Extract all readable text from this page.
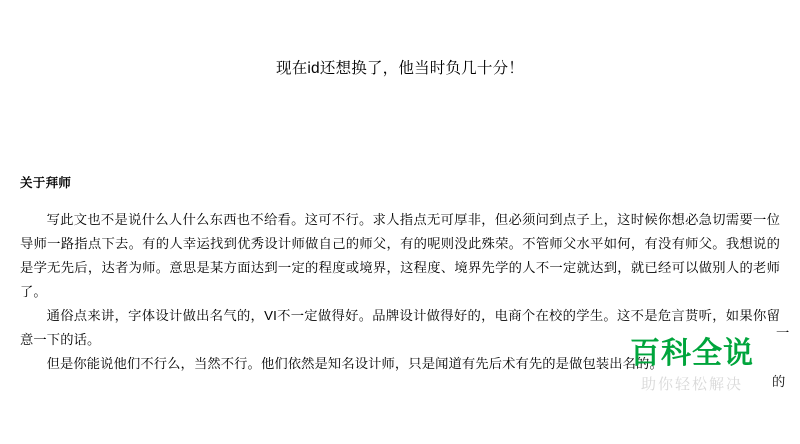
现在id还想换了，他当时负几十分！
关于拜师

写此文也不是说什么人什么东西也不给看。这可不行。求人指点无可厚非，但必须问到点子上，这时候你想必急切需要一位导师一路指点下去。有的人幸运找到优秀设计师做自己的师父，有的呢则没此殊荣。不管师父水平如何，有没有师父。我想说的是学无先后，达者为师。意思是某方面达到一定的程度或境界，这程度、境界先学的人不一定就达到，就已经可以做别人的老师了。

通俗点来讲，字体设计做出名气的，VI不一定做得好。品牌设计做得好的，电商个在校的学生。这不是危言贳听，如果你留意一下的话。

但是你能说他们不行么，当然不行。他们依然是知名设计师，只是闻道有先后术有先的是做包装出名的。

一
的
百科全说
助你轻松解决
